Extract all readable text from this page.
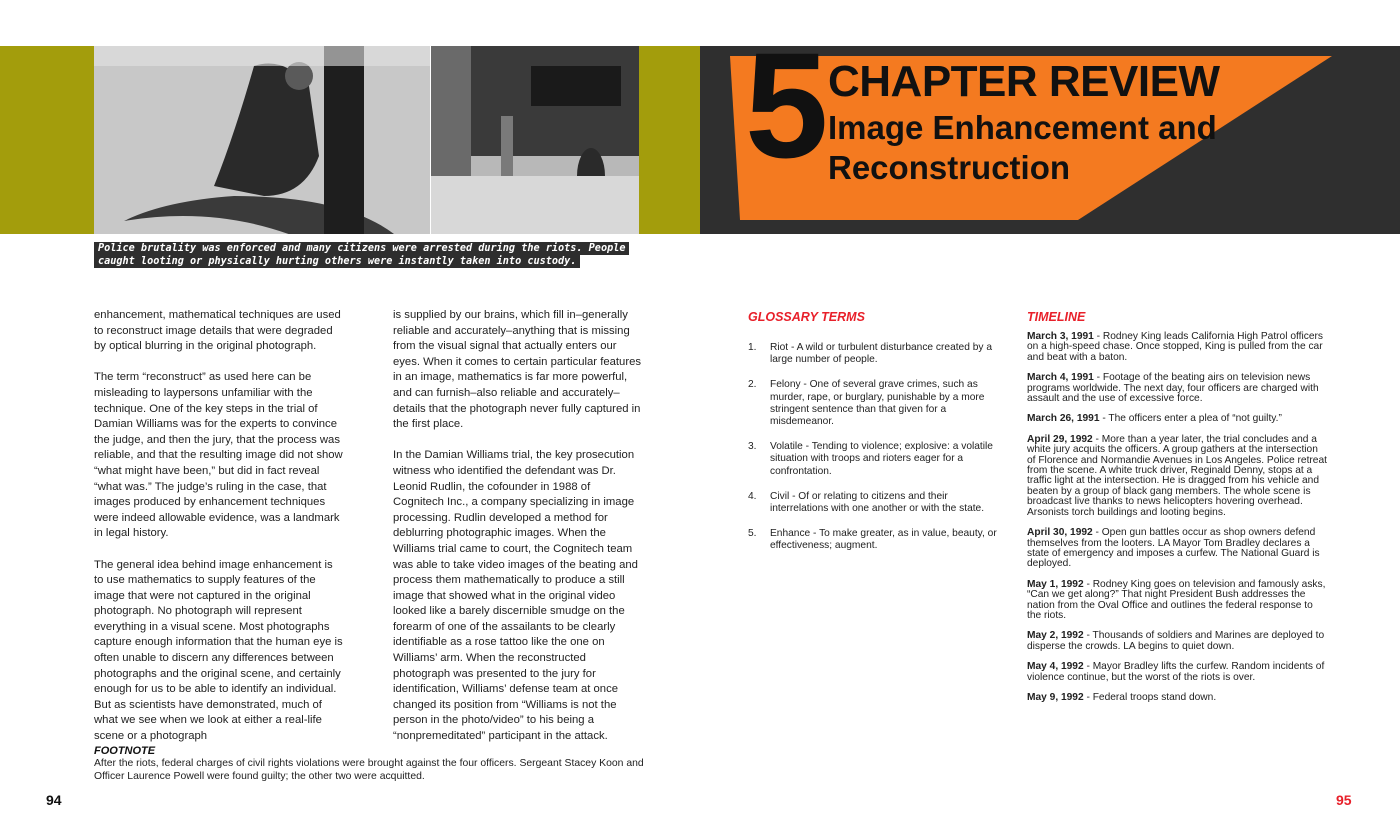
Police brutality was enforced and many citizens were arrested during the riots. People caught looting or physically hurting others were instantly taken into custody.
5 CHAPTER REVIEW
Image Enhancement and Reconstruction

enhancement, mathematical techniques are used to reconstruct image details that were degraded by optical blurring in the original photograph.

The term “reconstruct” as used here can be misleading to laypersons unfamiliar with the technique. One of the key steps in the trial of Damian Williams was for the experts to convince the judge, and then the jury, that the process was reliable, and that the resulting image did not show “what might have been,” but did in fact reveal “what was.” The judge’s ruling in the case, that images produced by enhancement techniques were indeed allowable evidence, was a landmark in legal history.

The general idea behind image enhancement is to use mathematics to supply features of the image that were not captured in the original photograph. No photograph will represent everything in a visual scene. Most photographs capture enough information that the human eye is often unable to discern any differences between photographs and the original scene, and certainly enough for us to be able to identify an individual. But as scientists have demonstrated, much of what we see when we look at either a real-life scene or a photograph

is supplied by our brains, which fill in–generally reliable and accurately–anything that is missing from the visual signal that actually enters our eyes. When it comes to certain particular features in an image, mathematics is far more powerful, and can furnish–also reliable and accurately–details that the photograph never fully captured in the first place.

In the Damian Williams trial, the key prosecution witness who identified the defendant was Dr. Leonid Rudlin, the cofounder in 1988 of Cognitech Inc., a company specializing in image processing. Rudlin developed a method for deblurring photographic images. When the Williams trial came to court, the Cognitech team was able to take video images of the beating and process them mathematically to produce a still image that showed what in the original video looked like a barely discernible smudge on the forearm of one of the assailants to be clearly identifiable as a rose tattoo like the one on Williams’ arm. When the reconstructed photograph was presented to the jury for identification, Williams’ defense team at once changed its position from “Williams is not the person in the photo/video” to his being a “nonpremeditated” participant in the attack.

FOOTNOTE
After the riots, federal charges of civil rights violations were brought against the four officers. Sergeant Stacey Koon and Officer Laurence Powell were found guilty; the other two were acquitted.
94	95
GLOSSARY TERMS
1. Riot - A wild or turbulent disturbance created by a large number of people.
2. Felony - One of several grave crimes, such as murder, rape, or burglary, punishable by a more stringent sentence than that given for a misdemeanor.
3. Volatile - Tending to violence; explosive: a volatile situation with troops and rioters eager for a confrontation.
4. Civil - Of or relating to citizens and their interrelations with one another or with the state.
5. Enhance - To make greater, as in value, beauty, or effectiveness; augment.
TIMELINE
March 3, 1991 - Rodney King leads California High Patrol officers on a high-speed chase. Once stopped, King is pulled from the car and beat with a baton.
March 4, 1991 - Footage of the beating airs on television news programs worldwide. The next day, four officers are charged with assault and the use of excessive force.
March 26, 1991 - The officers enter a plea of “not guilty.”
April 29, 1992 - More than a year later, the trial concludes and a white jury acquits the officers. A group gathers at the intersection of Florence and Normandie Avenues in Los Angeles. Police retreat from the scene. A white truck driver, Reginald Denny, stops at a traffic light at the intersection. He is dragged from his vehicle and beaten by a group of black gang members. The whole scene is broadcast live thanks to news helicopters hovering overhead. Arsonists torch buildings and looting begins.
April 30, 1992 - Open gun battles occur as shop owners defend themselves from the looters. LA Mayor Tom Bradley declares a state of emergency and imposes a curfew. The National Guard is deployed.
May 1, 1992 - Rodney King goes on television and famously asks, “Can we get along?” That night President Bush addresses the nation from the Oval Office and outlines the federal response to the riots.
May 2, 1992 - Thousands of soldiers and Marines are deployed to disperse the crowds. LA begins to quiet down.
May 4, 1992 - Mayor Bradley lifts the curfew. Random incidents of violence continue, but the worst of the riots is over.
May 9, 1992 - Federal troops stand down.
